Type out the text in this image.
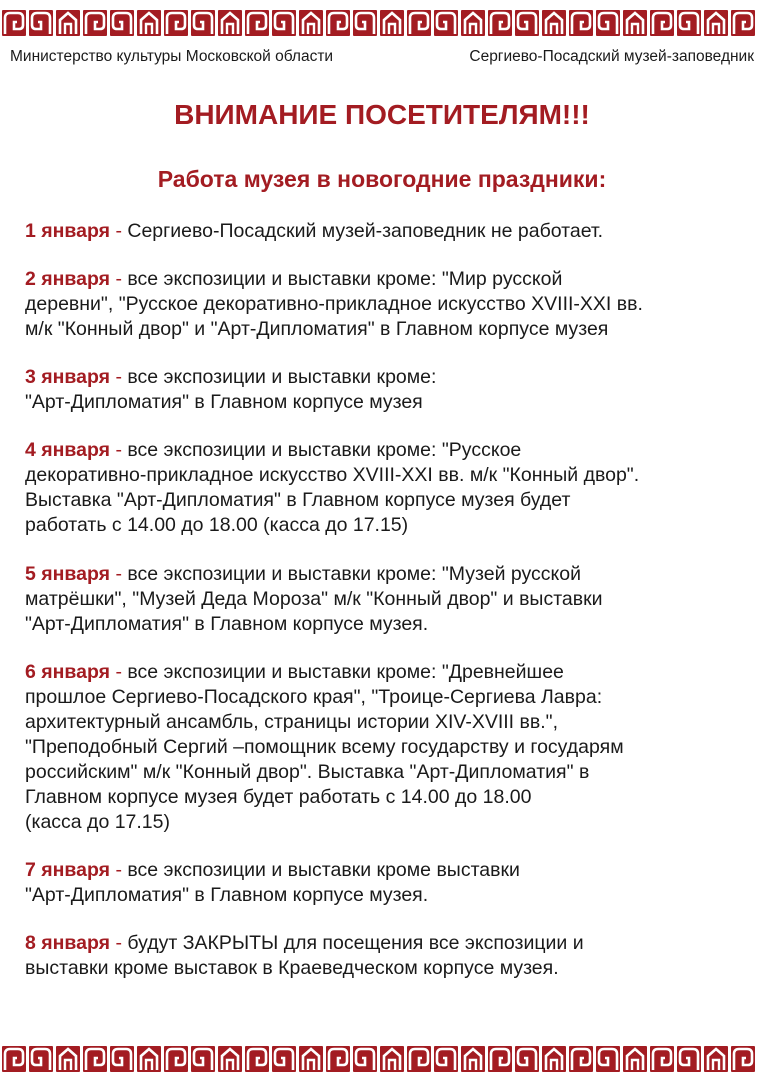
Министерство культуры Московской области	Сергиево-Посадский музей-заповедник
ВНИМАНИЕ ПОСЕТИТЕЛЯМ!!!
Работа музея в новогодние праздники:
1 января - Сергиево-Посадский музей-заповедник не работает.
2 января - все экспозиции и выставки кроме: "Мир русской
деревни", "Русское декоративно-прикладное искусство XVIII-XXI вв.
м/к "Конный двор" и "Арт-Дипломатия" в Главном корпусе музея
3 января - все экспозиции и выставки кроме:
"Арт-Дипломатия" в Главном корпусе музея
4 января - все экспозиции и выставки кроме: "Русское
декоративно-прикладное искусство XVIII-XXI вв. м/к "Конный двор".
Выставка "Арт-Дипломатия" в Главном корпусе музея будет
работать с 14.00 до 18.00 (касса до 17.15)
5 января - все экспозиции и выставки кроме: "Музей русской
матрёшки", "Музей Деда Мороза" м/к "Конный двор" и выставки
"Арт-Дипломатия" в Главном корпусе музея.
6 января - все экспозиции и выставки кроме: "Древнейшее
прошлое Сергиево-Посадского края", "Троице-Сергиева Лавра:
архитектурный ансамбль, страницы истории XIV-XVIII вв.",
"Преподобный Сергий –помощник всему государству и государям
российским" м/к "Конный двор". Выставка "Арт-Дипломатия" в
Главном корпусе музея будет работать с 14.00 до 18.00
(касса до 17.15)
7 января - все экспозиции и выставки кроме выставки
"Арт-Дипломатия" в Главном корпусе музея.
8 января - будут ЗАКРЫТЫ для посещения все экспозиции и
выставки кроме выставок в Краеведческом корпусе музея.
